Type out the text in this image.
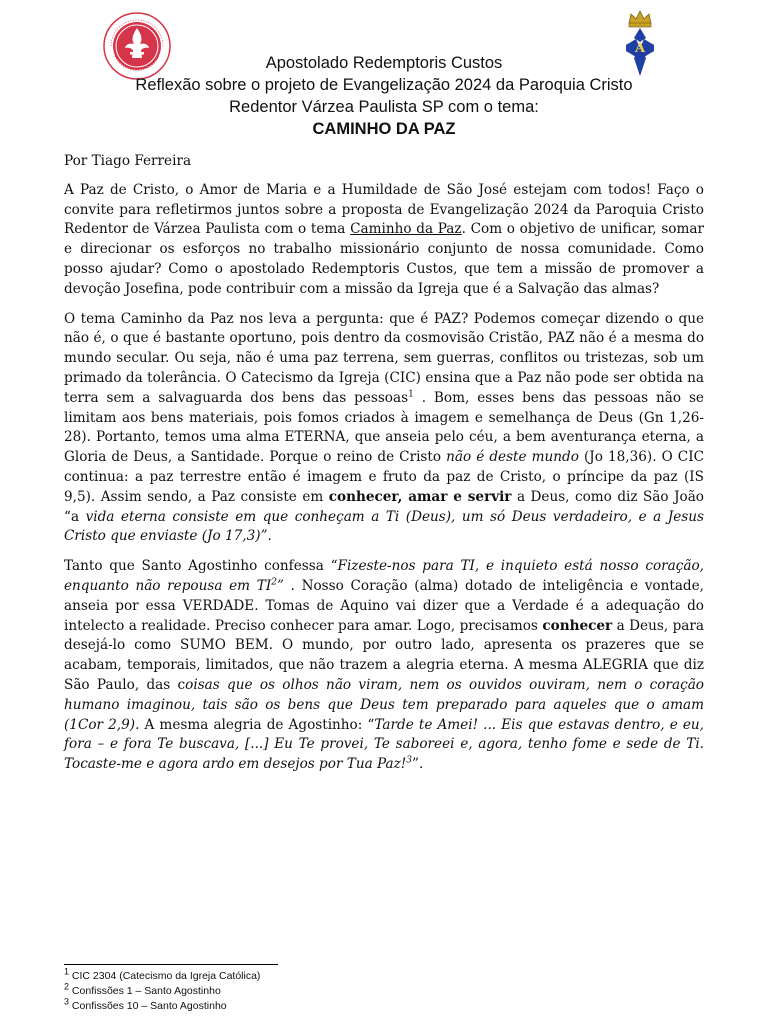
A
Apostolado Redemptoris Custos
Reflexão sobre o projeto de Evangelização 2024 da Paroquia Cristo
Redentor Várzea Paulista SP com o tema:
CAMINHO DA PAZ
Por Tiago Ferreira

A Paz de Cristo, o Amor de Maria e a Humildade de São José estejam com todos! Faço o convite para refletirmos juntos sobre a proposta de Evangelização 2024 da Paroquia Cristo Redentor de Várzea Paulista com o tema Caminho da Paz. Com o objetivo de unificar, somar e direcionar os esforços no trabalho missionário conjunto de nossa comunidade. Como posso ajudar? Como o apostolado Redemptoris Custos, que tem a missão de promover a devoção Josefina, pode contribuir com a missão da Igreja que é a Salvação das almas?

O tema Caminho da Paz nos leva a pergunta: que é PAZ? Podemos começar dizendo o que não é, o que é bastante oportuno, pois dentro da cosmovisão Cristão, PAZ não é a mesma do mundo secular. Ou seja, não é uma paz terrena, sem guerras, conflitos ou tristezas, sob um primado da tolerância. O Catecismo da Igreja (CIC) ensina que a Paz não pode ser obtida na terra sem a salvaguarda dos bens das pessoas$^1$ . Bom, esses bens das pessoas não se limitam aos bens materiais, pois fomos criados à imagem e semelhança de Deus (Gn 1,26-28). Portanto, temos uma alma ETERNA, que anseia pelo céu, a bem aventurança eterna, a Gloria de Deus, a Santidade. Porque o reino de Cristo não é deste mundo (Jo 18,36). O CIC continua: a paz terrestre então é imagem e fruto da paz de Cristo, o príncipe da paz (IS 9,5). Assim sendo, a Paz consiste em conhecer, amar e servir a Deus, como diz São João “a vida eterna consiste em que conheçam a Ti (Deus), um só Deus verdadeiro, e a Jesus Cristo que enviaste (Jo 17,3)”.

Tanto que Santo Agostinho confessa “Fizeste-nos para TI, e inquieto está nosso coração, enquanto não repousa em $TI^2$” . Nosso Coração (alma) dotado de inteligência e vontade, anseia por essa VERDADE. Tomas de Aquino vai dizer que a Verdade é a adequação do intelecto a realidade. Preciso conhecer para amar. Logo, precisamos conhecer a Deus, para desejá-lo como SUMO BEM. O mundo, por outro lado, apresenta os prazeres que se acabam, temporais, limitados, que não trazem a alegria eterna. A mesma ALEGRIA que diz São Paulo, das coisas que os olhos não viram, nem os ouvidos ouviram, nem o coração humano imaginou, tais são os bens que Deus tem preparado para aqueles que o amam (1Cor 2,9). A mesma alegria de Agostinho: “Tarde te Amei! ... Eis que estavas dentro, e eu, fora – e fora Te buscava, [...] Eu Te provei, Te saboreei e, agora, tenho fome e sede de Ti. Tocaste-me e agora ardo em desejos por Tua Paz!$^3$”.

$^1$ CIC 2304 (Catecismo da Igreja Católica)
$^2$ Confissões 1 – Santo Agostinho
$^3$ Confissões 10 – Santo Agostinho
